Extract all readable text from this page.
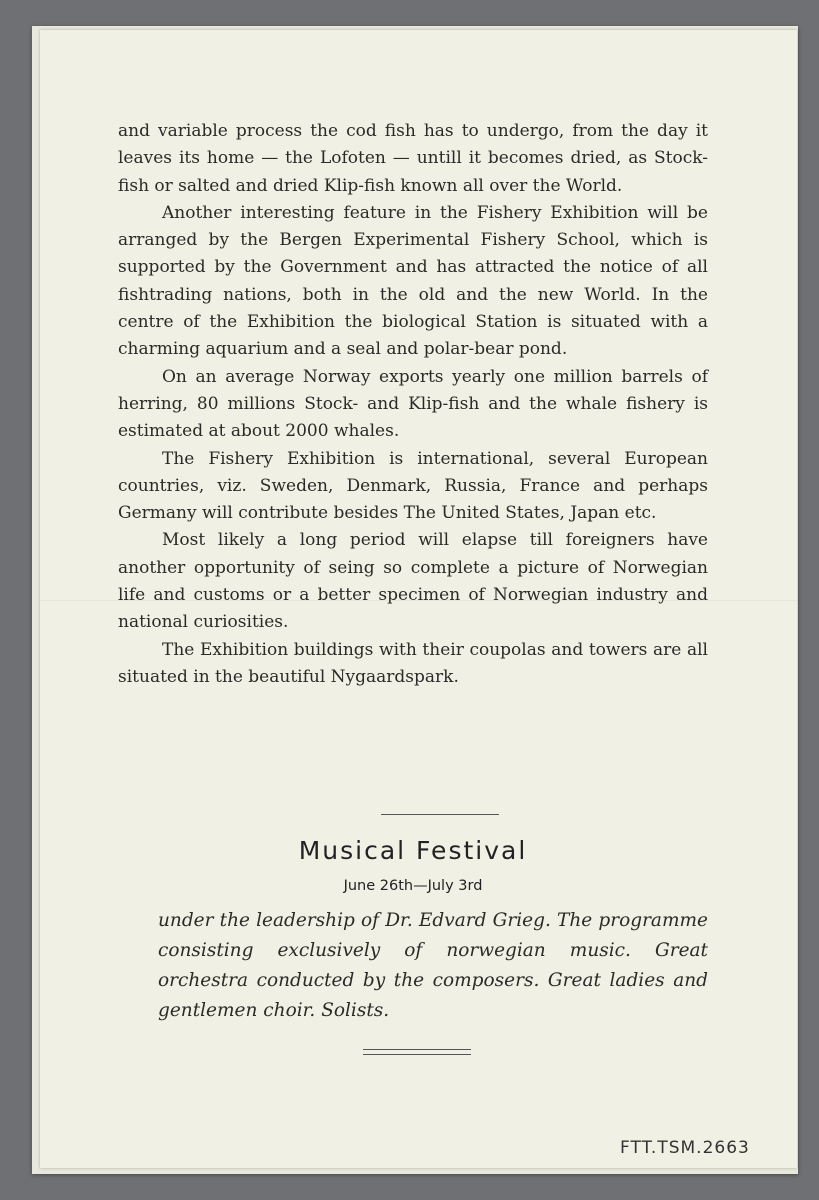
and variable process the cod fish has to undergo, from the day it leaves its home — the Lofoten — untill it becomes dried, as Stock-fish or salted and dried Klip-fish known all over the World.

Another interesting feature in the Fishery Exhibition will be arranged by the Bergen Experimental Fishery School, which is supported by the Government and has attracted the notice of all fishtrading nations, both in the old and the new World. In the centre of the Exhibition the biological Station is situated with a charming aquarium and a seal and polar-bear pond.

On an average Norway exports yearly one million barrels of herring, 80 millions Stock- and Klip-fish and the whale fishery is estimated at about 2000 whales.

The Fishery Exhibition is international, several European countries, viz. Sweden, Denmark, Russia, France and perhaps Germany will contribute besides The United States, Japan etc.

Most likely a long period will elapse till foreigners have another opportunity of seing so complete a picture of Norwegian life and customs or a better specimen of Norwegian industry and national curiosities.

The Exhibition buildings with their coupolas and towers are all situated in the beautiful Nygaardspark.

Musical Festival
June 26th—July 3rd

under the leadership of Dr. Edvard Grieg. The programme consisting exclusively of norwegian music. Great orchestra conducted by the composers. Great ladies and gentlemen choir. Solists.

FTT.TSM.2663
